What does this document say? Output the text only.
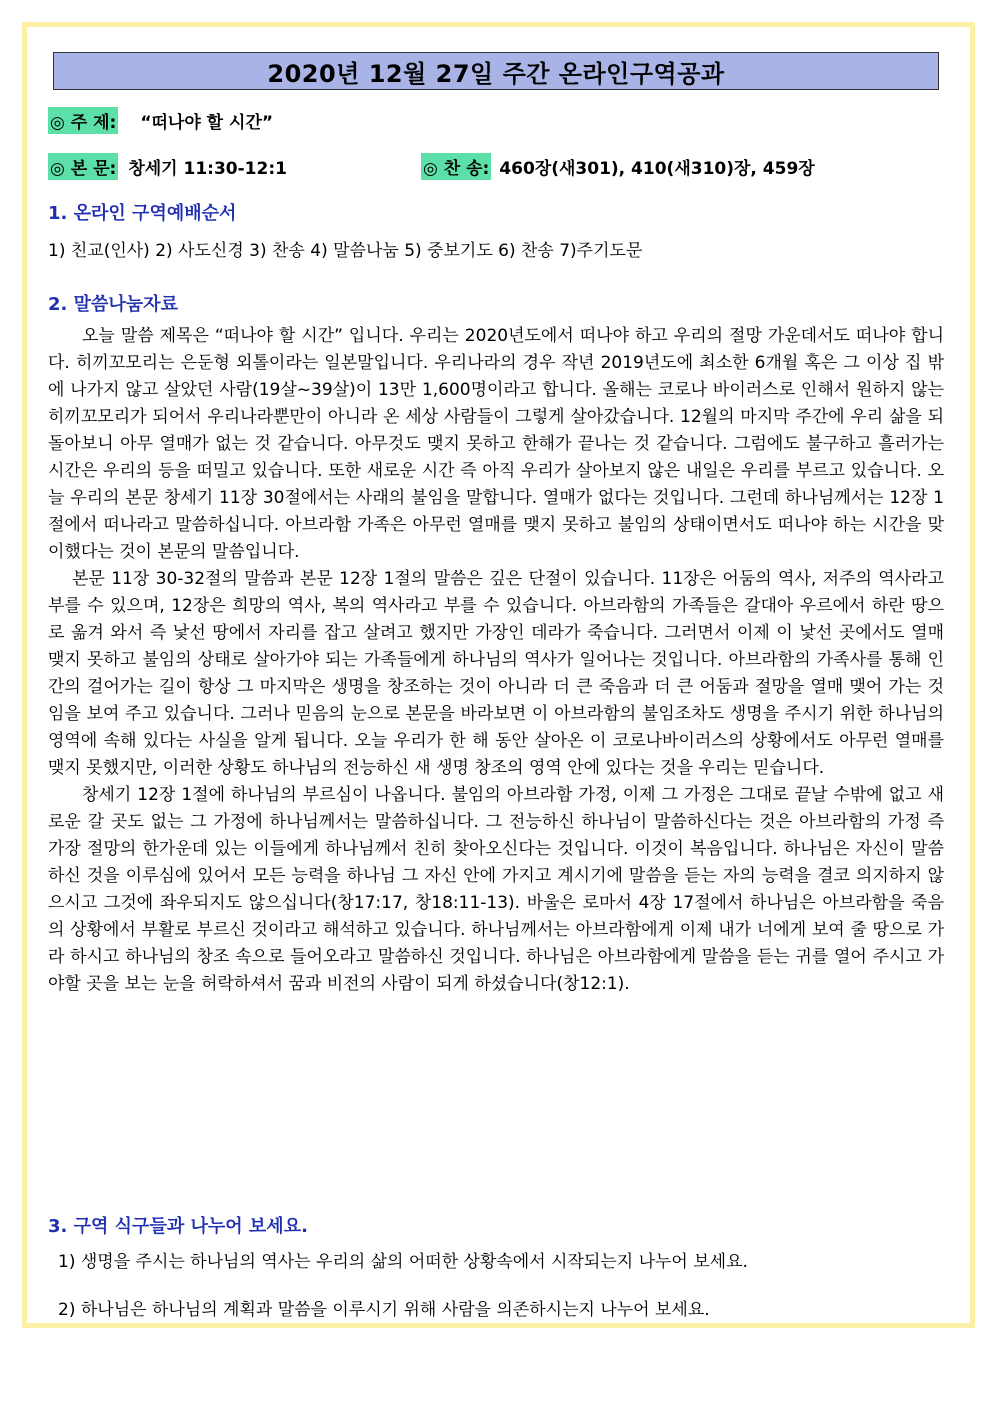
2020년 12월 27일 주간 온라인구역공과
◎ 주 제: “떠나야 할 시간”
◎ 본 문: 창세기 11:30-12:1	◎ 찬 송: 460장(새301), 410(새310)장, 459장
1. 온라인 구역예배순서
1) 친교(인사) 2) 사도신경 3) 찬송 4) 말씀나눔 5) 중보기도 6) 찬송 7)주기도문
2. 말씀나눔자료

오늘 말씀 제목은 “떠나야 할 시간” 입니다. 우리는 2020년도에서 떠나야 하고 우리의 절망 가운데서도 떠나야 합니다. 히끼꼬모리는 은둔형 외톨이라는 일본말입니다. 우리나라의 경우 작년 2019년도에 최소한 6개월 혹은 그 이상 집 밖에 나가지 않고 살았던 사람(19살~39살)이 13만 1,600명이라고 합니다. 올해는 코로나 바이러스로 인해서 원하지 않는 히끼꼬모리가 되어서 우리나라뿐만이 아니라 온 세상 사람들이 그렇게 살아갔습니다. 12월의 마지막 주간에 우리 삶을 되돌아보니 아무 열매가 없는 것 같습니다. 아무것도 맺지 못하고 한해가 끝나는 것 같습니다. 그럼에도 불구하고 흘러가는 시간은 우리의 등을 떠밀고 있습니다. 또한 새로운 시간 즉 아직 우리가 살아보지 않은 내일은 우리를 부르고 있습니다. 오늘 우리의 본문 창세기 11장 30절에서는 사래의 불임을 말합니다. 열매가 없다는 것입니다. 그런데 하나님께서는 12장 1절에서 떠나라고 말씀하십니다. 아브라함 가족은 아무런 열매를 맺지 못하고 불임의 상태이면서도 떠나야 하는 시간을 맞이했다는 것이 본문의 말씀입니다.

본문 11장 30-32절의 말씀과 본문 12장 1절의 말씀은 깊은 단절이 있습니다. 11장은 어둠의 역사, 저주의 역사라고 부를 수 있으며, 12장은 희망의 역사, 복의 역사라고 부를 수 있습니다. 아브라함의 가족들은 갈대아 우르에서 하란 땅으로 옮겨 와서 즉 낯선 땅에서 자리를 잡고 살려고 했지만 가장인 데라가 죽습니다. 그러면서 이제 이 낯선 곳에서도 열매 맺지 못하고 불임의 상태로 살아가야 되는 가족들에게 하나님의 역사가 일어나는 것입니다. 아브라함의 가족사를 통해 인간의 걸어가는 길이 항상 그 마지막은 생명을 창조하는 것이 아니라 더 큰 죽음과 더 큰 어둠과 절망을 열매 맺어 가는 것임을 보여 주고 있습니다. 그러나 믿음의 눈으로 본문을 바라보면 이 아브라함의 불임조차도 생명을 주시기 위한 하나님의 영역에 속해 있다는 사실을 알게 됩니다. 오늘 우리가 한 해 동안 살아온 이 코로나바이러스의 상황에서도 아무런 열매를 맺지 못했지만, 이러한 상황도 하나님의 전능하신 새 생명 창조의 영역 안에 있다는 것을 우리는 믿습니다.

창세기 12장 1절에 하나님의 부르심이 나옵니다. 불임의 아브라함 가정, 이제 그 가정은 그대로 끝날 수밖에 없고 새로운 갈 곳도 없는 그 가정에 하나님께서는 말씀하십니다. 그 전능하신 하나님이 말씀하신다는 것은 아브라함의 가정 즉 가장 절망의 한가운데 있는 이들에게 하나님께서 친히 찾아오신다는 것입니다. 이것이 복음입니다. 하나님은 자신이 말씀하신 것을 이루심에 있어서 모든 능력을 하나님 그 자신 안에 가지고 계시기에 말씀을 듣는 자의 능력을 결코 의지하지 않으시고 그것에 좌우되지도 않으십니다(창17:17, 창18:11-13). 바울은 로마서 4장 17절에서 하나님은 아브라함을 죽음의 상황에서 부활로 부르신 것이라고 해석하고 있습니다. 하나님께서는 아브라함에게 이제 내가 너에게 보여 줄 땅으로 가라 하시고 하나님의 창조 속으로 들어오라고 말씀하신 것입니다. 하나님은 아브라함에게 말씀을 듣는 귀를 열어 주시고 가야할 곳을 보는 눈을 허락하셔서 꿈과 비전의 사람이 되게 하셨습니다(창12:1).

3. 구역 식구들과 나누어 보세요.
1) 생명을 주시는 하나님의 역사는 우리의 삶의 어떠한 상황속에서 시작되는지 나누어 보세요.
2) 하나님은 하나님의 계획과 말씀을 이루시기 위해 사람을 의존하시는지 나누어 보세요.
